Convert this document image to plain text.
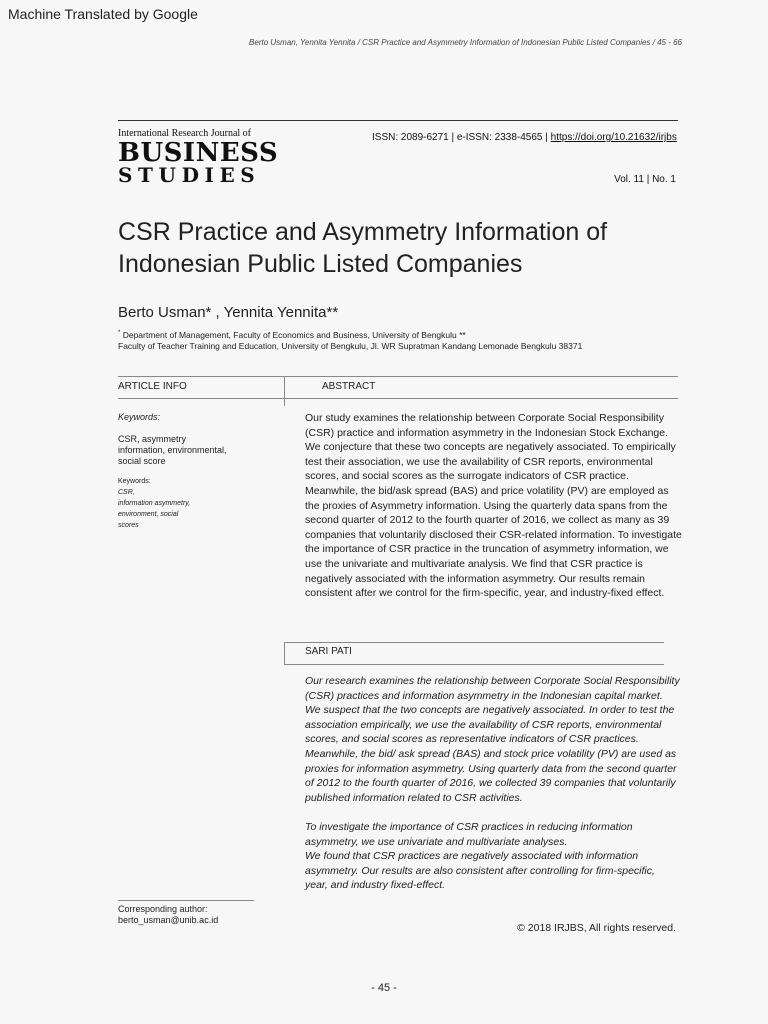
Machine Translated by Google
Berto Usman, Yennita Yennita / CSR Practice and Asymmetry Information of Indonesian Public Listed Companies / 45 - 66
International Research Journal of
BUSINESS
STUDIES
ISSN: 2089-6271 | e-ISSN: 2338-4565 | https://doi.org/10.21632/irjbs
Vol. 11 | No. 1
CSR Practice and Asymmetry Information of
Indonesian Public Listed Companies
Berto Usman* , Yennita Yennita**
* Department of Management, Faculty of Economics and Business, University of Bengkulu **
Faculty of Teacher Training and Education, University of Bengkulu, Jl. WR Supratman Kandang Lemonade Bengkulu 38371
ARTICLE INFO	ABSTRACT
Keywords:
CSR, asymmetry
information, environmental,
social score
Keywords:
CSR,
information asymmetry,
environment, social
scores
Our study examines the relationship between Corporate Social Responsibility (CSR) practice and information asymmetry in the Indonesian Stock Exchange. We conjecture that these two concepts are negatively associated. To empirically test their association, we use the availability of CSR reports, environmental scores, and social scores as the surrogate indicators of CSR practice. Meanwhile, the bid/ask spread (BAS) and price volatility (PV) are employed as the proxies of Asymmetry information. Using the quarterly data spans from the second quarter of 2012 to the fourth quarter of 2016, we collect as many as 39 companies that voluntarily disclosed their CSR-related information. To investigate the importance of CSR practice in the truncation of asymmetry information, we use the univariate and multivariate analysis. We find that CSR practice is negatively associated with the information asymmetry. Our results remain consistent after we control for the firm-specific, year, and industry-fixed effect.
SARI PATI

Our research examines the relationship between Corporate Social Responsibility (CSR) practices and information asymmetry in the Indonesian capital market. We suspect that the two concepts are negatively associated. In order to test the association empirically, we use the availability of CSR reports, environmental scores, and social scores as representative indicators of CSR practices. Meanwhile, the bid/ ask spread (BAS) and stock price volatility (PV) are used as proxies for information asymmetry. Using quarterly data from the second quarter of 2012 to the fourth quarter of 2016, we collected 39 companies that voluntarily published information related to CSR activities.

To investigate the importance of CSR practices in reducing information asymmetry, we use univariate and multivariate analyses.
We found that CSR practices are negatively associated with information asymmetry. Our results are also consistent after controlling for firm-specific, year, and industry fixed-effect.

Corresponding author:
berto_usman@unib.ac.id
© 2018 IRJBS, All rights reserved.
- 45 -
